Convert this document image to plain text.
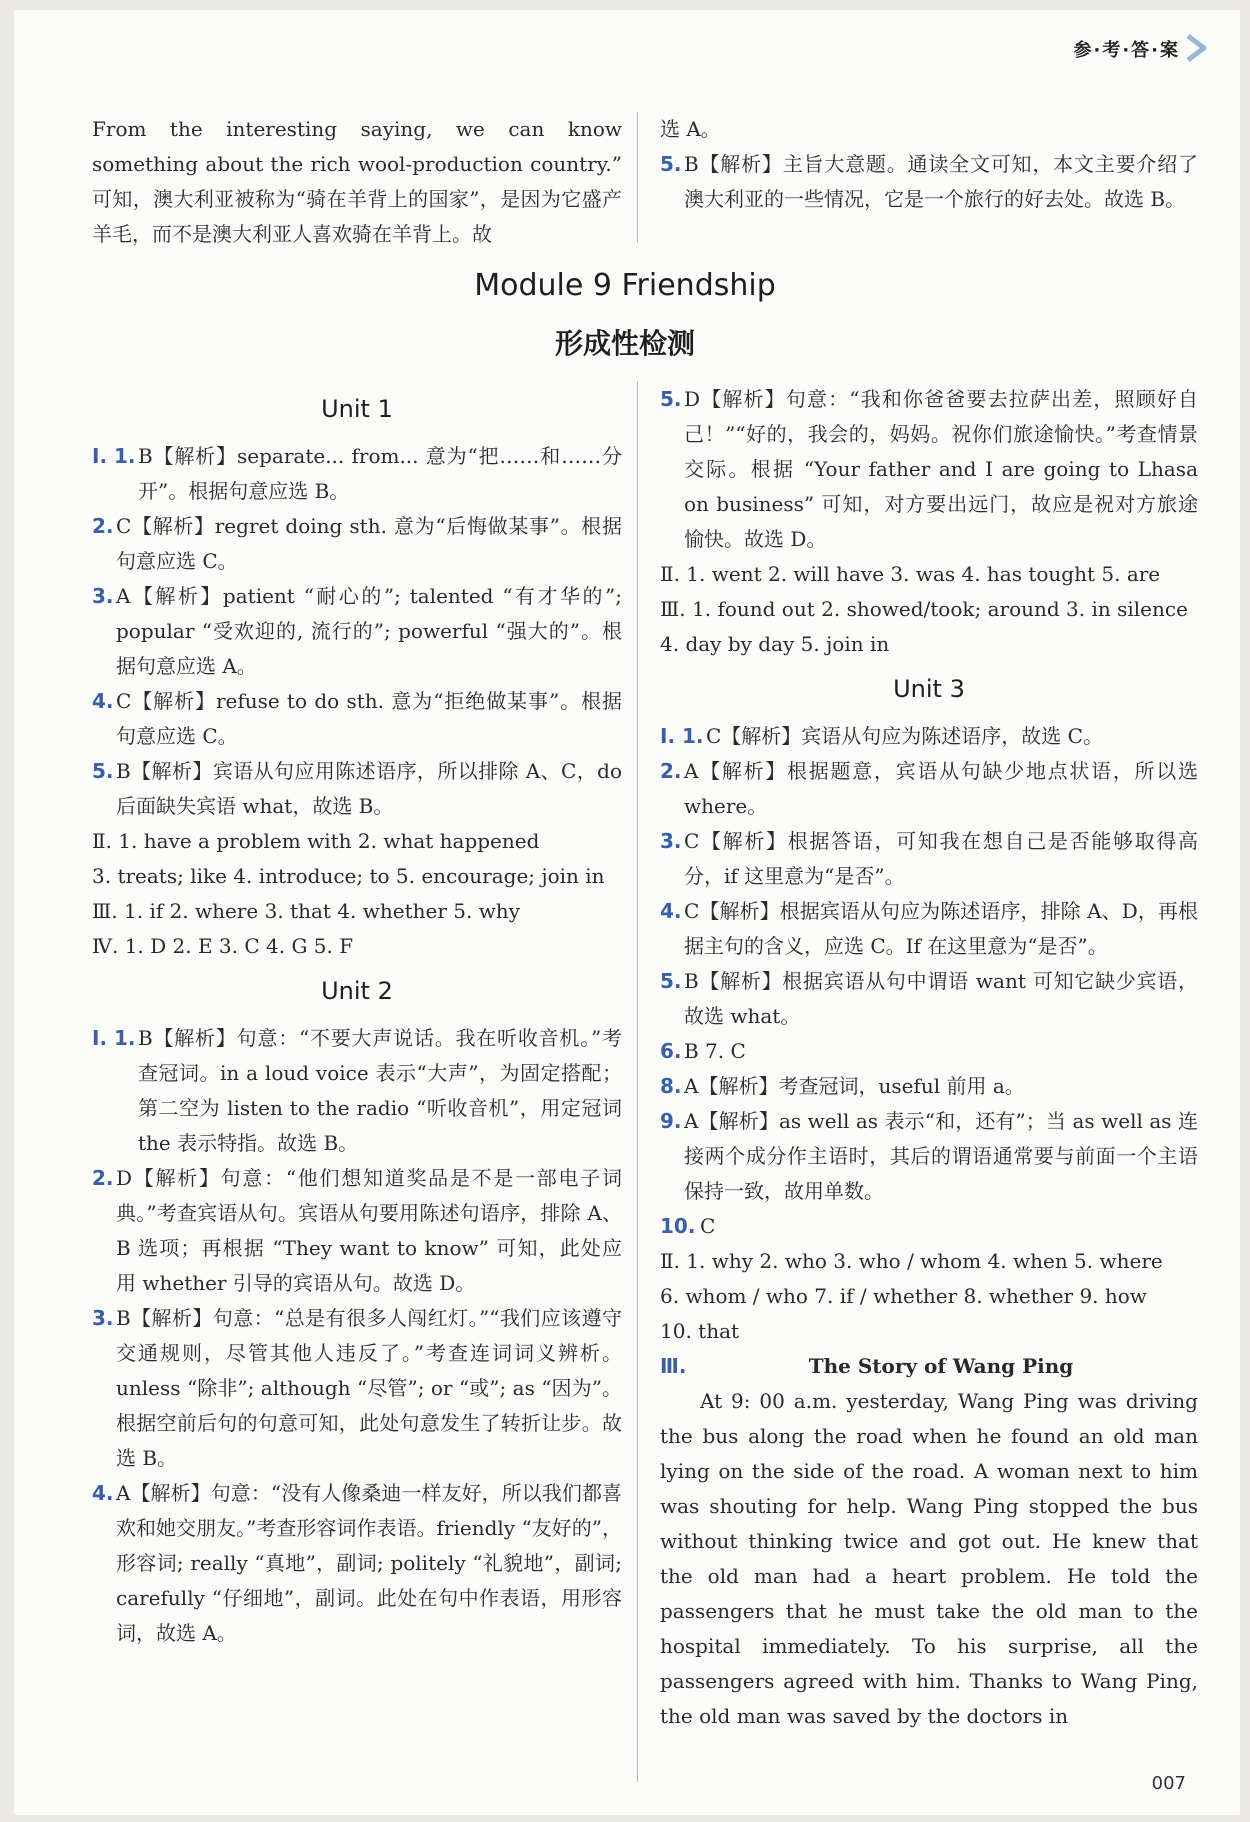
参·考·答·案

From the interesting saying, we can know something about the rich wool-production country.” 可知，澳大利亚被称为“骑在羊背上的国家”，是因为它盛产羊毛，而不是澳大利亚人喜欢骑在羊背上。故

选 A。

5. B【解析】主旨大意题。通读全文可知，本文主要介绍了澳大利亚的一些情况，它是一个旅行的好去处。故选 B。
Module 9 Friendship
形成性检测
Unit 1
Ⅰ. 1. B【解析】separate... from... 意为“把……和……分开”。根据句意应选 B。
2. C【解析】regret doing sth. 意为“后悔做某事”。根据句意应选 C。
3. A【解析】patient “耐心的”; talented “有才华的”; popular “受欢迎的, 流行的”; powerful “强大的”。根据句意应选 A。
4. C【解析】refuse to do sth. 意为“拒绝做某事”。根据句意应选 C。
5. B【解析】宾语从句应用陈述语序，所以排除 A、C，do 后面缺失宾语 what，故选 B。

Ⅱ. 1. have a problem with 2. what happened

3. treats; like 4. introduce; to 5. encourage; join in

Ⅲ. 1. if 2. where 3. that 4. whether 5. why

Ⅳ. 1. D 2. E 3. C 4. G 5. F

Unit 2
Ⅰ. 1. B【解析】句意：“不要大声说话。我在听收音机。”考查冠词。in a loud voice 表示“大声”，为固定搭配；第二空为 listen to the radio “听收音机”，用定冠词 the 表示特指。故选 B。
2. D【解析】句意：“他们想知道奖品是不是一部电子词典。”考查宾语从句。宾语从句要用陈述句语序，排除 A、B 选项；再根据 “They want to know” 可知，此处应用 whether 引导的宾语从句。故选 D。
3. B【解析】句意：“总是有很多人闯红灯。”“我们应该遵守交通规则，尽管其他人违反了。”考查连词词义辨析。unless “除非”; although “尽管”; or “或”; as “因为”。根据空前后句的句意可知，此处句意发生了转折让步。故选 B。
4. A【解析】句意：“没有人像桑迪一样友好，所以我们都喜欢和她交朋友。”考查形容词作表语。friendly “友好的”，形容词; really “真地”，副词; politely “礼貌地”，副词; carefully “仔细地”，副词。此处在句中作表语，用形容词，故选 A。
5. D【解析】句意：“我和你爸爸要去拉萨出差，照顾好自己！”“好的，我会的，妈妈。祝你们旅途愉快。”考查情景交际。根据 “Your father and I are going to Lhasa on business” 可知，对方要出远门，故应是祝对方旅途愉快。故选 D。

Ⅱ. 1. went 2. will have 3. was 4. has tought 5. are

Ⅲ. 1. found out 2. showed/took; around 3. in silence

4. day by day 5. join in

Unit 3
Ⅰ. 1. C【解析】宾语从句应为陈述语序，故选 C。
2. A【解析】根据题意，宾语从句缺少地点状语，所以选 where。
3. C【解析】根据答语，可知我在想自己是否能够取得高分，if 这里意为“是否”。
4. C【解析】根据宾语从句应为陈述语序，排除 A、D，再根据主句的含义，应选 C。If 在这里意为“是否”。
5. B【解析】根据宾语从句中谓语 want 可知它缺少宾语，故选 what。
6. B 7. C
8. A【解析】考查冠词，useful 前用 a。
9. A【解析】as well as 表示“和，还有”；当 as well as 连接两个成分作主语时，其后的谓语通常要与前面一个主语保持一致，故用单数。
10. C

Ⅱ. 1. why 2. who 3. who / whom 4. when 5. where

6. whom / who 7. if / whether 8. whether 9. how

10. that

Ⅲ.	The Story of Wang Ping

At 9: 00 a.m. yesterday, Wang Ping was driving the bus along the road when he found an old man lying on the side of the road. A woman next to him was shouting for help. Wang Ping stopped the bus without thinking twice and got out. He knew that the old man had a heart problem. He told the passengers that he must take the old man to the hospital immediately. To his surprise, all the passengers agreed with him. Thanks to Wang Ping, the old man was saved by the doctors in

007
